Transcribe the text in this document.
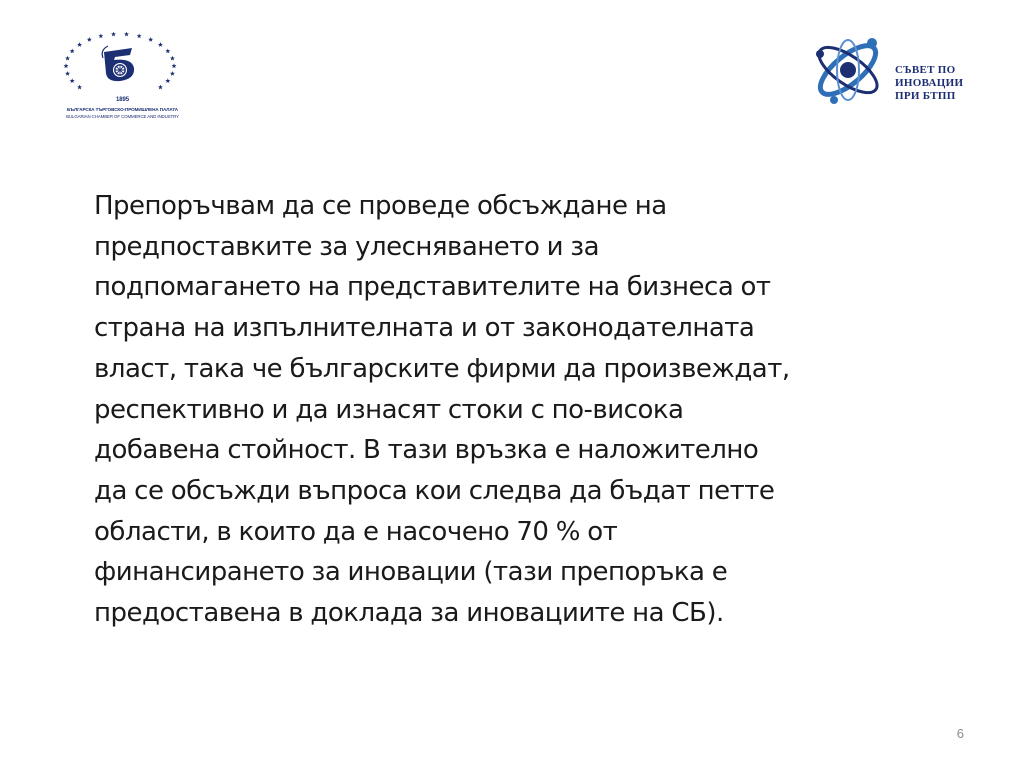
1895
БЪЛГАРСКА ТЪРГОВСКО-ПРОМИШЛЕНА ПАЛАТА
BULGARIAN CHAMBER OF COMMERCE AND INDUSTRY
СЪВЕТ ПО
ИНОВАЦИИ
ПРИ БТПП

Препоръчвам да се проведе обсъждане на
предпоставките за улесняването и за
подпомагането на представителите на бизнеса от
страна на изпълнителната и от законодателната
власт, така че българските фирми да произвеждат,
респективно и да изнасят стоки с по-висока
добавена стойност. В тази връзка е наложително
да се обсъжди въпроса кои следва да бъдат петте
области, в които да е насочено 70 % от
финансирането за иновации (тази препоръка е
предоставена в доклада за иновациите на СБ).

6
